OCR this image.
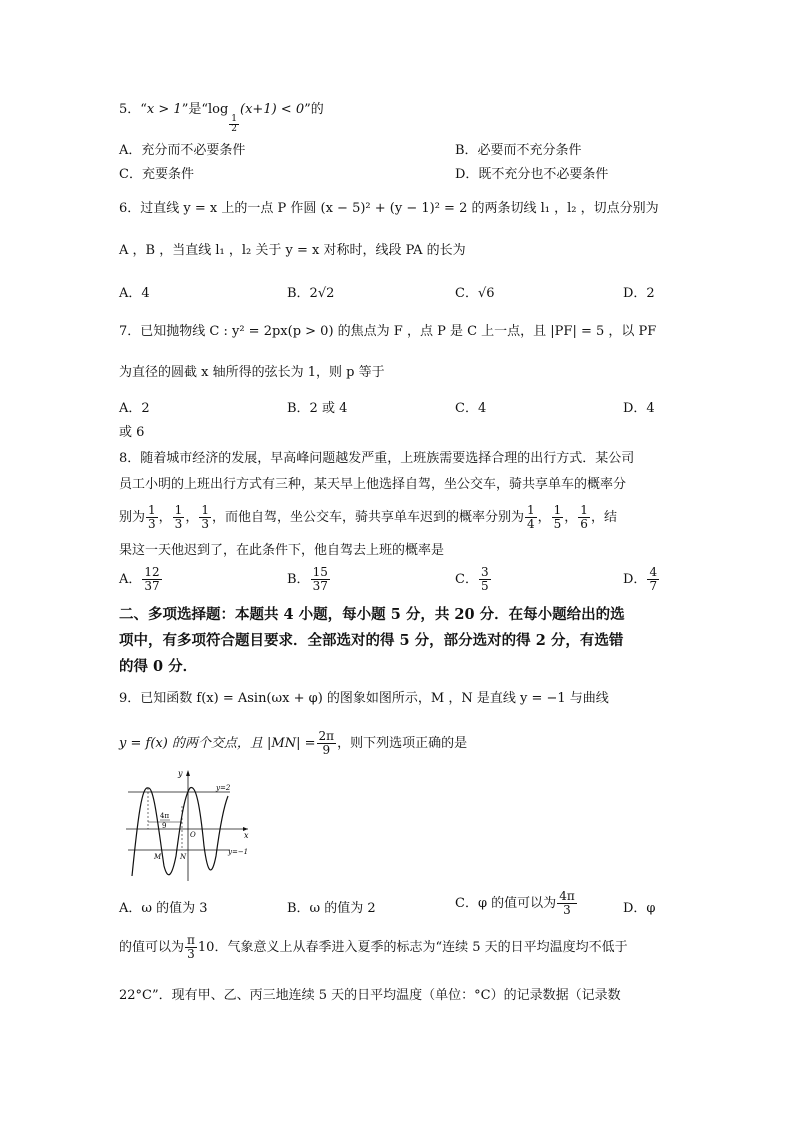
5．“x > 1”是“log
$\frac{1}{2}$
(x+1) < 0”的
A．充分而不必要条件	B．必要而不充分条件
C．充要条件	D．既不充分也不必要条件
6．过直线 y = x 上的一点 P 作圆 (x − 5)² + (y − 1)² = 2 的两条切线 l₁ ，l₂ ，切点分别为
A ，B ，当直线 l₁ ，l₂ 关于 y = x 对称时，线段 PA 的长为
A．4	B．2√2	C．√6	D．2
7．已知抛物线 C : y² = 2px(p > 0) 的焦点为 F ，点 P 是 C 上一点，且 |PF| = 5 ，以 PF
为直径的圆截 x 轴所得的弦长为 1，则 p 等于
A．2	B．2 或 4	C．4	D．4
或 6
8．随着城市经济的发展，早高峰问题越发严重，上班族需要选择合理的出行方式．某公司
员工小明的上班出行方式有三种，某天早上他选择自驾，坐公交车，骑共享单车的概率分
别为 $\frac{1}{3}$ ， $\frac{1}{3}$ ， $\frac{1}{3}$ ，而他自驾，坐公交车，骑共享单车迟到的概率分别为 $\frac{1}{4}$ ， $\frac{1}{5}$ ， $\frac{1}{6}$ ，结
果这一天他迟到了，在此条件下，他自驾去上班的概率是
A． $\frac{12}{37}$	B． $\frac{15}{37}$	C． $\frac{3}{5}$	D． $\frac{4}{7}$
二、多项选择题：本题共 4 小题，每小题 5 分，共 20 分．在每小题给出的选
项中，有多项符合题目要求．全部选对的得 5 分，部分选对的得 2 分，有选错
的得 0 分．
9．已知函数 f(x) = Asin(ωx + φ) 的图象如图所示，M ，N 是直线 y = −1 与曲线
y = f(x) 的两个交点，且 $|MN| = \frac{2\pi}{9}$ ，则下列选项正确的是
y
x
y=2
y=−1
O
M	N
4π
9
A．ω 的值为 3	B．ω 的值为 2	C．φ 的值可以为 $\frac{4\pi}{3}$	D．φ
的值可以为 $\frac{\pi}{3} 10$．气象意义上从春季进入夏季的标志为“连续 5 天的日平均温度均不低于
22°C”．现有甲、乙、丙三地连续 5 天的日平均温度（单位：°C）的记录数据（记录数
